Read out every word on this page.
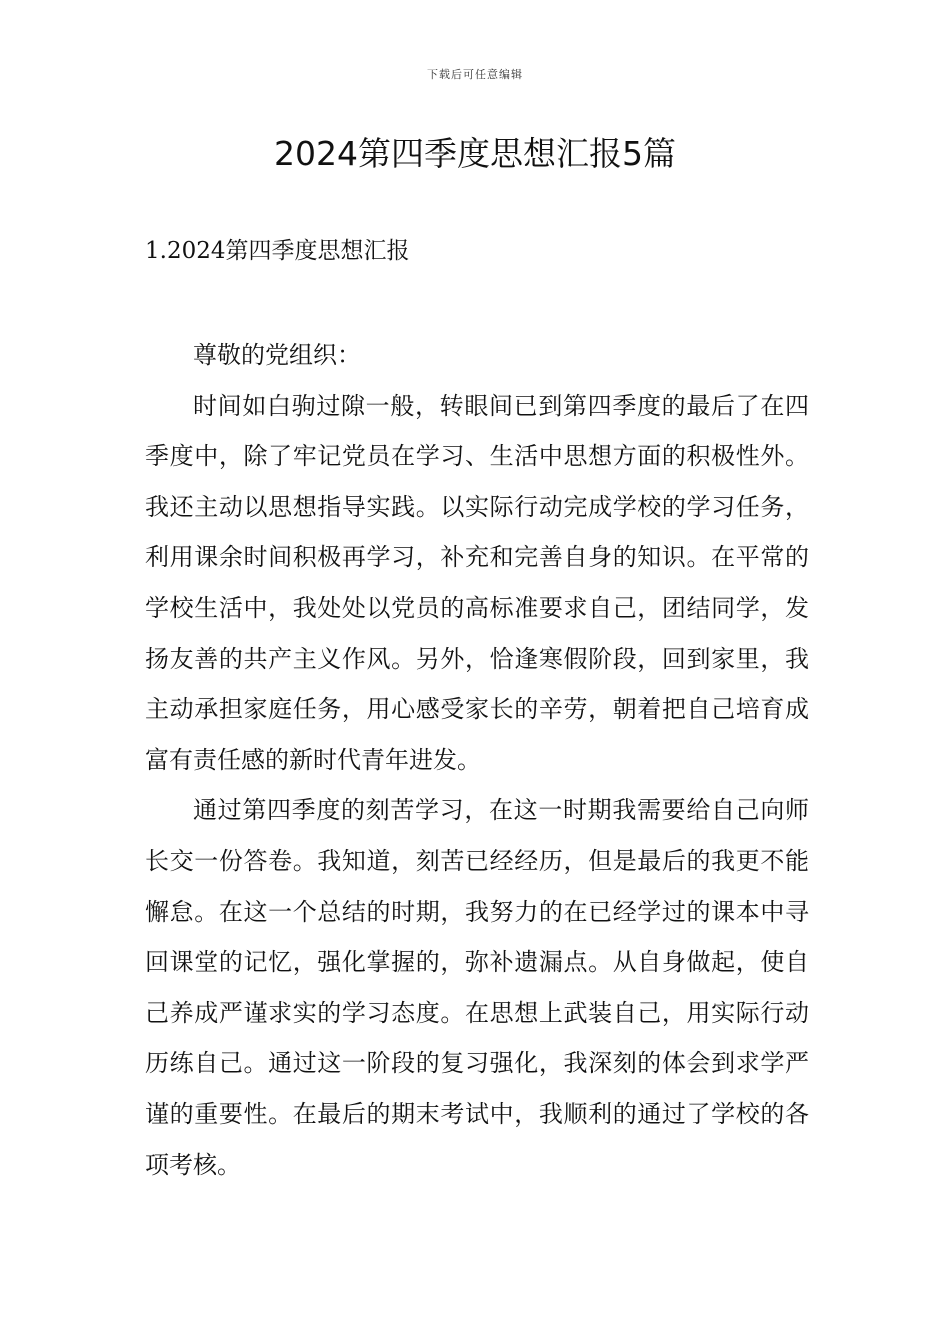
下载后可任意编辑
2024第四季度思想汇报5篇
1.2024第四季度思想汇报

尊敬的党组织：

时间如白驹过隙一般，转眼间已到第四季度的最后了在四季度中，除了牢记党员在学习、生活中思想方面的积极性外。我还主动以思想指导实践。以实际行动完成学校的学习任务，利用课余时间积极再学习，补充和完善自身的知识。在平常的学校生活中，我处处以党员的高标准要求自己，团结同学，发扬友善的共产主义作风。另外，恰逢寒假阶段，回到家里，我主动承担家庭任务，用心感受家长的辛劳，朝着把自己培育成富有责任感的新时代青年进发。

通过第四季度的刻苦学习，在这一时期我需要给自己向师长交一份答卷。我知道，刻苦已经经历，但是最后的我更不能懈怠。在这一个总结的时期，我努力的在已经学过的课本中寻回课堂的记忆，强化掌握的，弥补遗漏点。从自身做起，使自己养成严谨求实的学习态度。在思想上武装自己，用实际行动历练自己。通过这一阶段的复习强化，我深刻的体会到求学严谨的重要性。在最后的期末考试中，我顺利的通过了学校的各项考核。
